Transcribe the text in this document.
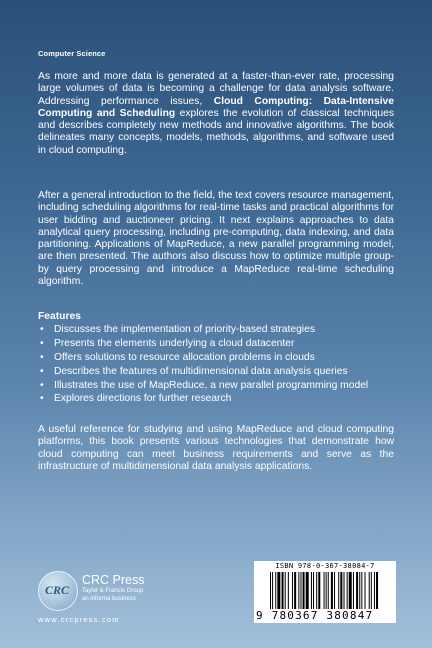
Computer Science
As more and more data is generated at a faster-than-ever rate, processing large volumes of data is becoming a challenge for data analysis software. Addressing performance issues, Cloud Computing: Data-Intensive Computing and Scheduling explores the evolution of classical techniques and describes completely new methods and innovative algorithms. The book delineates many concepts, models, methods, algorithms, and software used in cloud computing.
After a general introduction to the field, the text covers resource management, including scheduling algorithms for real-time tasks and practical algorithms for user bidding and auctioneer pricing. It next explains approaches to data analytical query processing, including pre-computing, data indexing, and data partitioning. Applications of MapReduce, a new parallel programming model, are then presented. The authors also discuss how to optimize multiple group-by query processing and introduce a MapReduce real-time scheduling algorithm.
Features
• Discusses the implementation of priority-based strategies
• Presents the elements underlying a cloud datacenter
• Offers solutions to resource allocation problems in clouds
• Describes the features of multidimensional data analysis queries
• Illustrates the use of MapReduce, a new parallel programming model
• Explores directions for further research
A useful reference for studying and using MapReduce and cloud computing platforms, this book presents various technologies that demonstrate how cloud computing can meet business requirements and serve as the infrastructure of multidimensional data analysis applications.
CRC
CRC Press
Taylor & Francis Group
an informa business
www.crcpress.com
ISBN 978-0-367-38084-7
9 780367 380847
